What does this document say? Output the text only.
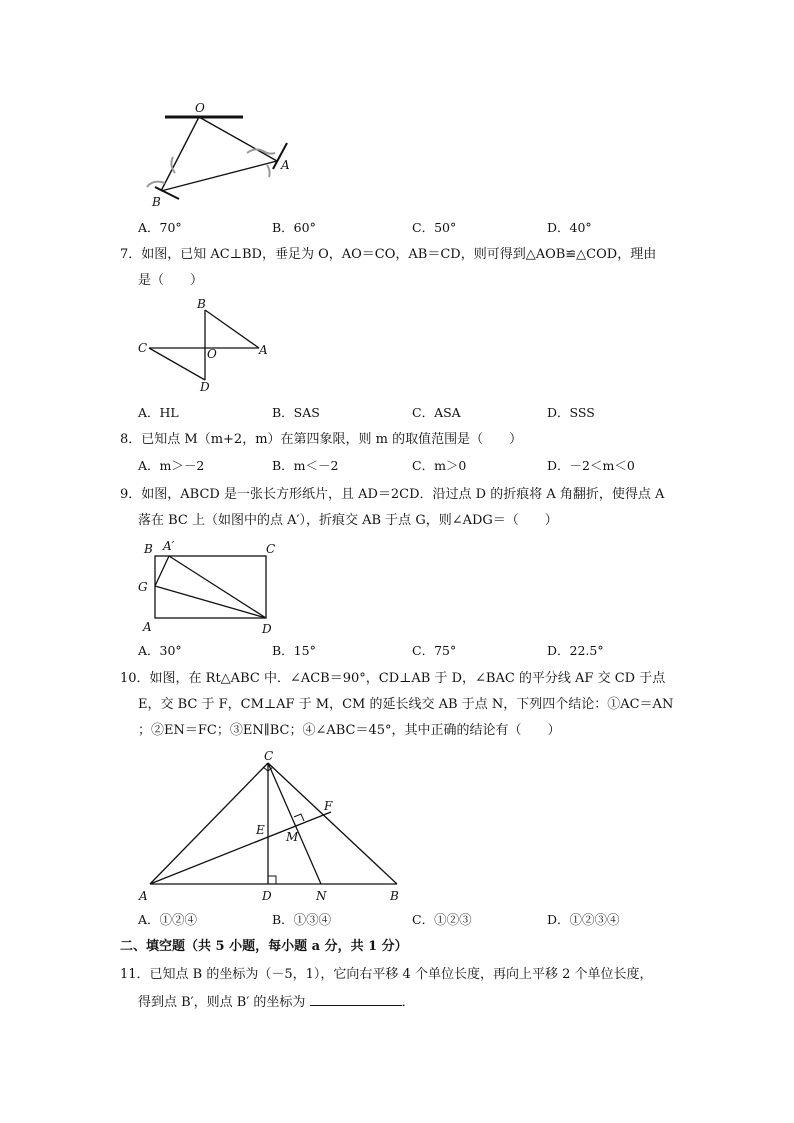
O
A
B
A．70°	B．60°	C．50°	D．40°
7．如图，已知 AC⊥BD，垂足为 O，AO＝CO，AB＝CD，则可得到△AOB≌△COD，理由
是（　　）
B
C	O	A
D
A．HL	B．SAS	C．ASA	D．SSS
8．已知点 M（m+2，m）在第四象限，则 m 的取值范围是（　　）
A．m＞－2	B．m＜－2	C．m＞0	D．－2＜m＜0
9．如图，ABCD 是一张长方形纸片，且 AD＝2CD．沿过点 D 的折痕将 A 角翻折，使得点 A
落在 BC 上（如图中的点 A′），折痕交 AB 于点 G，则∠ADG＝（　　）
B A′	C
G
A	D
A．30°	B．15°	C．75°	D．22.5°
10．如图，在 Rt△ABC 中．∠ACB＝90°，CD⊥AB 于 D，∠BAC 的平分线 AF 交 CD 于点
E，交 BC 于 F，CM⊥AF 于 M，CM 的延长线交 AB 于点 N，下列四个结论：①AC＝AN
；②EN＝FC；③EN∥BC；④∠ABC＝45°，其中正确的结论有（　　）
C
F
E M
A	D	N	B
A．①②④	B．①③④	C．①②③	D．①②③④
二、填空题（共 5 小题，每小题 a 分，共 1 分）
11．已知点 B 的坐标为（－5，1），它向右平移 4 个单位长度，再向上平移 2 个单位长度，
得到点 B′，则点 B′ 的坐标为	．
